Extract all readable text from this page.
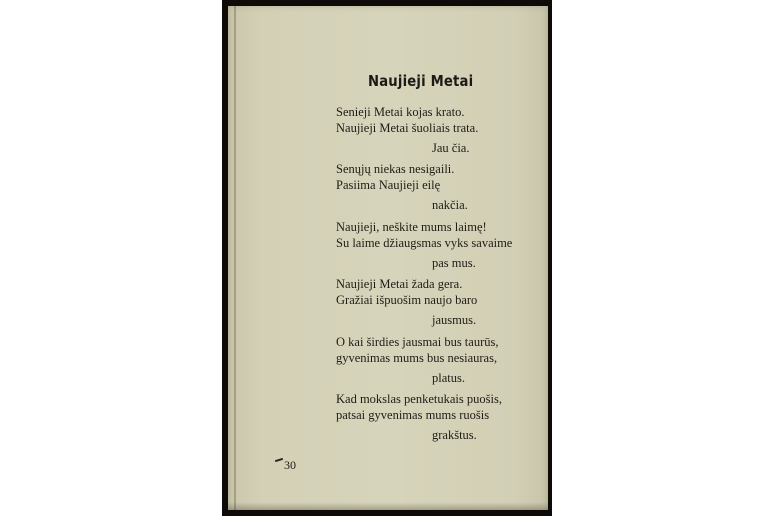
Naujieji Metai
Senieji Metai kojas krato.
Naujieji Metai šuoliais trata.
Jau čia.
Senųjų niekas nesigaili.
Pasiima Naujieji eilę
nakčia.
Naujieji, neškite mums laimę!
Su laime džiaugsmas vyks savaime
pas mus.
Naujieji Metai žada gera.
Gražiai išpuošim naujo baro
jausmus.
O kai širdies jausmai bus taurūs,
gyvenimas mums bus nesiauras,
platus.
Kad mokslas penketukais puošis,
patsai gyvenimas mums ruošis
grakštus.
30
